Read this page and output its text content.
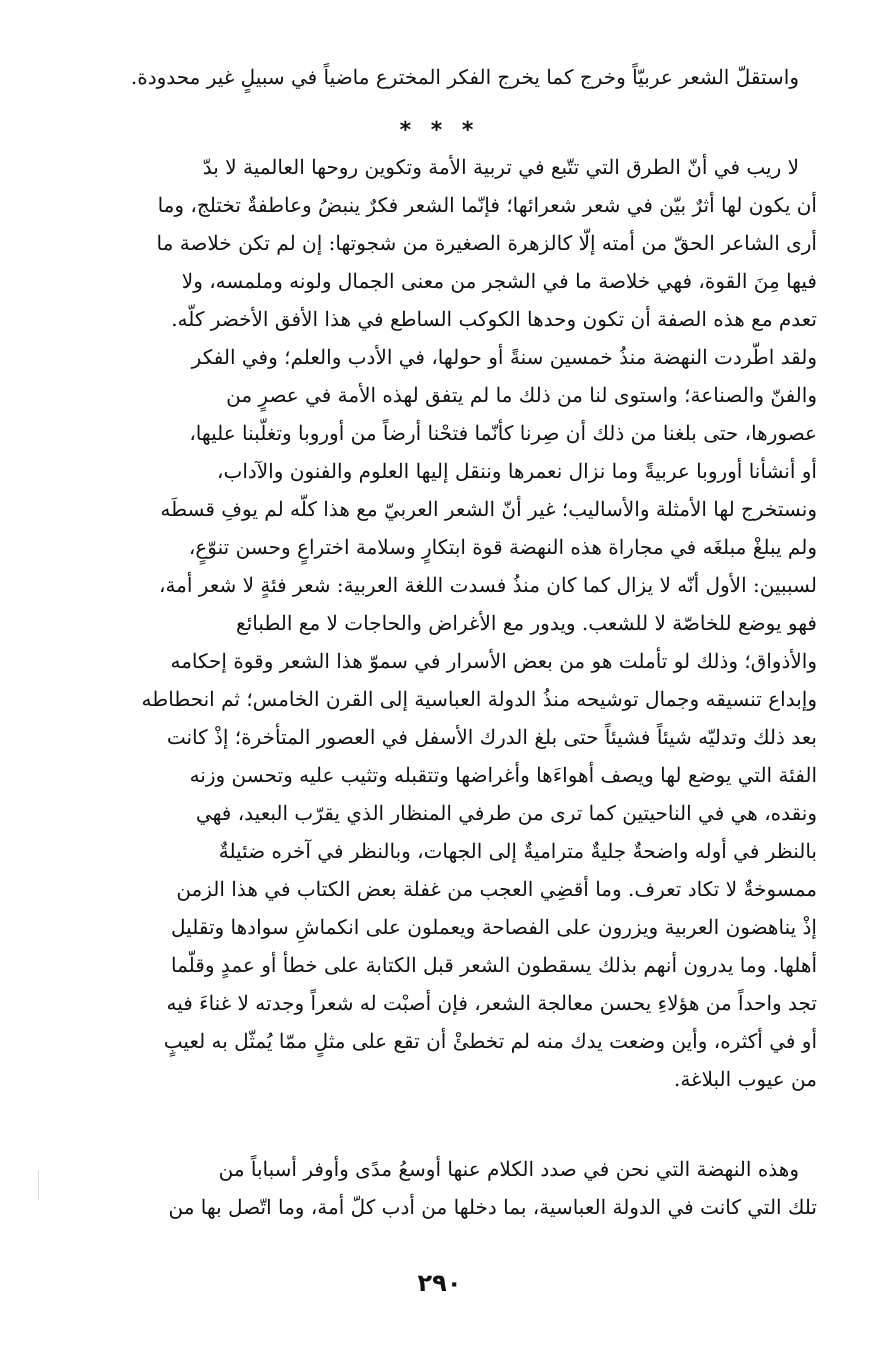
واستقلّ الشعر عربيّاً وخرج كما يخرج الفكر المخترع ماضياً في سبيلٍ غير محدودة.
* * *
لا ريب في أنّ الطرق التي تتّبع في تربية الأمة وتكوين روحها العالمية لا بدّ
أن يكون لها أثرٌ بيّن في شعر شعرائها؛ فإنّما الشعر فكرٌ ينبضُ وعاطفةٌ تختلج، وما
أرى الشاعر الحقّ من أمته إلّا كالزهرة الصغيرة من شجوتها: إن لم تكن خلاصة ما
فيها مِنَ القوة، فهي خلاصة ما في الشجر من معنى الجمال ولونه وملمسه، ولا
تعدم مع هذه الصفة أن تكون وحدها الكوكب الساطع في هذا الأفق الأخضر كلّه.
ولقد اطّردت النهضة منذُ خمسين سنةً أو حولها، في الأدب والعلم؛ وفي الفكر
والفنّ والصناعة؛ واستوى لنا من ذلك ما لم يتفق لهذه الأمة في عصرٍ من
عصورها، حتى بلغنا من ذلك أن صِرنا كأنّما فتحْنا أرضاً من أوروبا وتغلّبنا عليها،
أو أنشأنا أوروبا عربيةً وما نزال نعمرها وننقل إليها العلوم والفنون والآداب،
ونستخرج لها الأمثلة والأساليب؛ غير أنّ الشعر العربيّ مع هذا كلّه لم يوفِ قسطَه
ولم يبلغْ مبلغَه في مجاراة هذه النهضة قوة ابتكارٍ وسلامة اختراعٍ وحسن تنوّعٍ،
لسببين: الأول أنّه لا يزال كما كان منذُ فسدت اللغة العربية: شعر فئةٍ لا شعر أمة،
فهو يوضع للخاصّة لا للشعب. ويدور مع الأغراض والحاجات لا مع الطبائع
والأذواق؛ وذلك لو تأملت هو من بعض الأسرار في سموّ هذا الشعر وقوة إحكامه
وإبداع تنسيقه وجمال توشيحه منذُ الدولة العباسية إلى القرن الخامس؛ ثم انحطاطه
بعد ذلك وتدليّه شيئاً فشيئاً حتى بلغ الدرك الأسفل في العصور المتأخرة؛ إذْ كانت
الفئة التي يوضع لها ويصف أهواءَها وأغراضها وتتقبله وتثيب عليه وتحسن وزنه
ونقده، هي في الناحيتين كما ترى من طرفي المنظار الذي يقرّب البعيد، فهي
بالنظر في أوله واضحةٌ جليةٌ متراميةٌ إلى الجهات، وبالنظر في آخره ضئيلةٌ
ممسوخةٌ لا تكاد تعرف. وما أقضِي العجب من غفلة بعض الكتاب في هذا الزمن
إذْ يناهضون العربية ويزرون على الفصاحة ويعملون على انكماشِ سوادها وتقليل
أهلها. وما يدرون أنهم بذلك يسقطون الشعر قبل الكتابة على خطأ أو عمدٍ وقلّما
تجد واحداً من هؤلاءِ يحسن معالجة الشعر، فإن أصبْت له شعراً وجدته لا غناءَ فيه
أو في أكثره، وأين وضعت يدك منه لم تخطئْ أن تقع على مثلٍ ممّا يُمثّل به لعيبٍ
من عيوب البلاغة.
وهذه النهضة التي نحن في صدد الكلام عنها أوسعُ مدًى وأوفر أسباباً من
تلك التي كانت في الدولة العباسية، بما دخلها من أدب كلّ أمة، وما اتّصل بها من
٢٩٠
